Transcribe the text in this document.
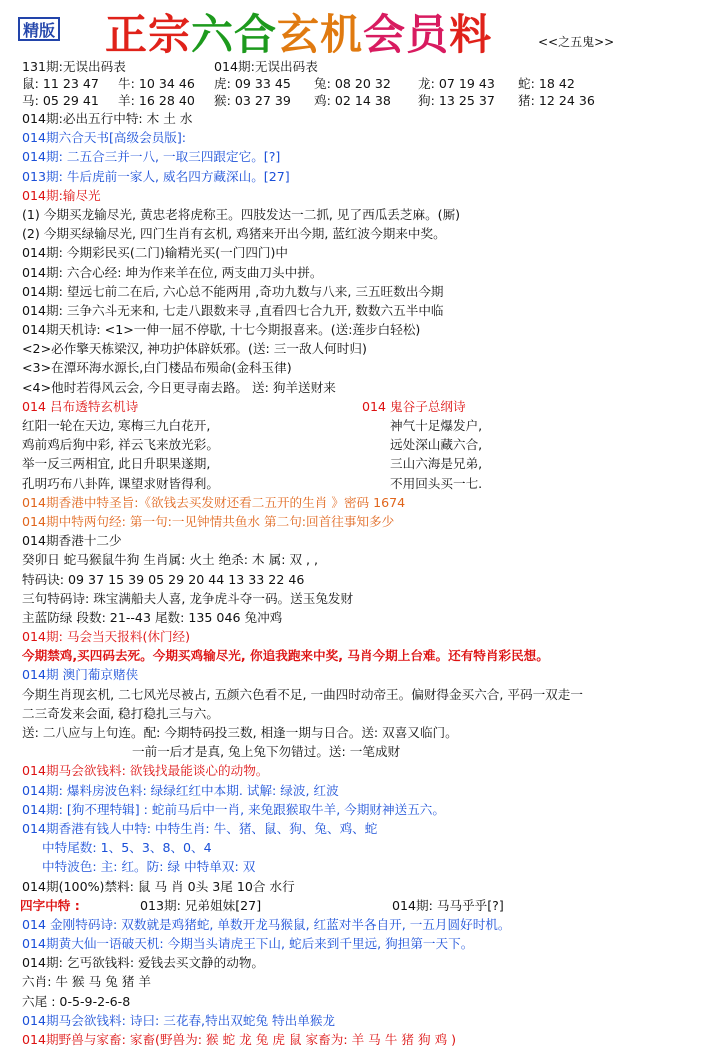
精版 正宗六合玄机会员料	<<之五鬼>>
131期:无误出码表	014期:无误出码表
鼠: 11 23 47 牛: 10 34 46 虎: 09 33 45 兔: 08 20 32 龙: 07 19 43 蛇: 18 42
马: 05 29 41 羊: 16 28 40 猴: 03 27 39 鸡: 02 14 38 狗: 13 25 37 猪: 12 24 36
014期:必出五行中特: 木 土 水
014期六合天书[高级会员版]:
014期: 二五合三并一八, 一取三四跟定它。[?]
013期: 牛后虎前一家人, 威名四方藏深山。[27]
014期:输尽光
(1) 今期买龙输尽光, 黄忠老将虎称王。四肢发达一二抓, 见了西瓜丢芝麻。(厮)
(2) 今期买绿输尽光, 四门生肖有玄机, 鸡猪来开出今期, 蓝红波今期来中奖。
014期: 今期彩民买(二门)输精光买(一门四门)中
014期: 六合心经: 坤为作来羊在位, 两支曲刀头中拼。
014期: 望远七前二在后, 六心总不能两用 ,奇功九数与八来, 三五旺数出今期
014期: 三争六斗无来和, 七走八跟数来寻 ,直看四七合九开, 数数六五半中临
014期天机诗: <1>一伸一屈不停歇, 十七今期报喜来。(送:莲步白轻松)
<2>必作擎天栋梁汉, 神功护体辟妖邪。(送: 三一敌人何时归)
<3>在潭环海水源长,白门楼品布殒命(金科玉律)
<4>他时若得风云会, 今日更寻南去路。 送: 狗羊送财来
014 吕布透特玄机诗	014 鬼谷子总纲诗
红阳一轮在天边, 寒梅三九白花开,	神气十足爆发户,
鸡前鸡后狗中彩, 祥云飞来放光彩。	远处深山藏六合,
举一反三两相宜, 此日升职果遂期,	三山六海是兄弟,
孔明巧布八卦阵, 课望求财皆得利。	不用回头买一七.
014期香港中特圣旨:《欲钱去买发财还看二五开的生肖 》密码 1674
014期中特两句经: 第一句:一见钟情共鱼水 第二句:回首往事知多少
014期香港十二少
癸卯日 蛇马猴鼠牛狗 生肖属: 火土 绝杀: 木 属: 双 , ,
特码诀: 09 37 15 39 05 29 20 44 13 33 22 46
三句特码诗: 珠宝满船夫人喜, 龙争虎斗夺一码。送玉兔发财
主蓝防绿 段数: 21--43 尾数: 135 046 兔冲鸡
014期: 马会当天报料(休门经)
今期禁鸡,买四码去死。今期买鸡输尽光, 你追我跑来中奖, 马肖今期上台难。还有特肖彩民想。
014期 澳门葡京赌侠
今期生肖现玄机, 二七风光尽被占, 五颜六色看不足, 一曲四时动帝王。偏财得金买六合, 平码一双走一
二三奇发来会面, 稳打稳扎三与六。
送: 二八应与上句连。配: 今期特码投三数, 相逢一期与日合。送: 双喜又临门。
一前一后才是真, 兔上兔下勿错过。送: 一笔成财
014期马会欲钱料: 欲钱找最能谈心的动物。
014期: 爆料房波色料: 绿绿红红中本期. 试解: 绿波, 红波
014期: [狗不理特辑] : 蛇前马后中一肖, 来兔跟猴取牛羊, 今期财神送五六。
014期香港有钱人中特: 中特生肖: 牛、猪、鼠、狗、兔、鸡、蛇
中特尾数: 1、5、3、8、0、4
中特波色: 主: 红。防: 绿 中特单双: 双
014期(100%)禁料: 鼠 马 肖 0头 3尾 10合 水行
四字中特 :	013期: 兄弟姐妹[27]	014期: 马马乎乎[?]
014 金刚特码诗: 双数就是鸡猪蛇, 单数开龙马猴鼠, 红蓝对半各自开, 一五月圆好时机。
014期黄大仙一语破天机: 今期当头请虎王下山, 蛇后来到千里远, 狗担第一天下。
014期: 乞丐欲钱料: 爱钱去买文静的动物。
六肖: 牛 猴 马 兔 猪 羊
六尾 : 0-5-9-2-6-8
014期马会欲钱料: 诗曰: 三花春,特出双蛇兔 特出单猴龙
014期野兽与家畜: 家畜(野兽为: 猴 蛇 龙 兔 虎 鼠 家畜为: 羊 马 牛 猪 狗 鸡 )
